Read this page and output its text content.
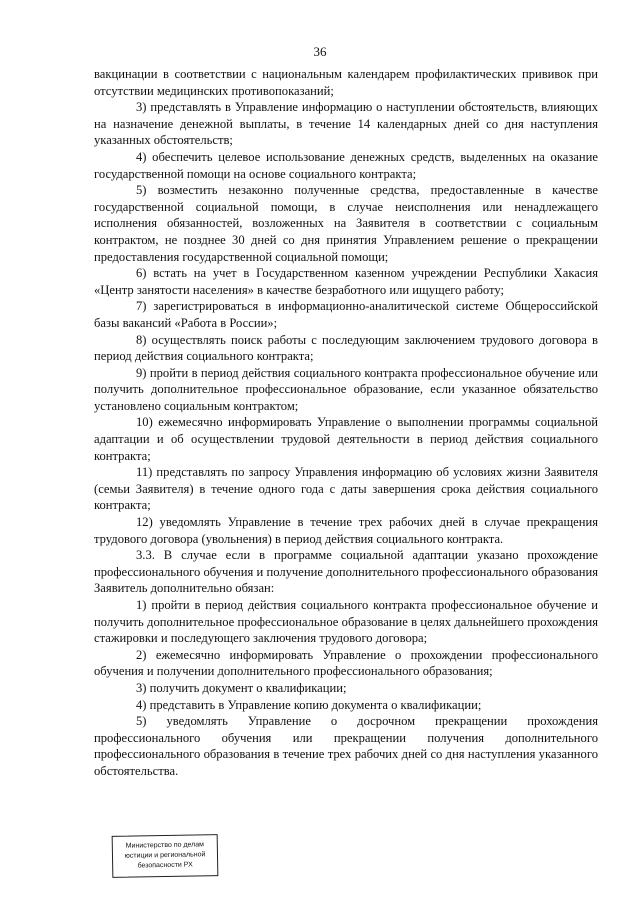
36

вакцинации в соответствии с национальным календарем профилактических прививок при отсутствии медицинских противопоказаний;

3) представлять в Управление информацию о наступлении обстоятельств, влияющих на назначение денежной выплаты, в течение 14 календарных дней со дня наступления указанных обстоятельств;

4) обеспечить целевое использование денежных средств, выделенных на оказание государственной помощи на основе социального контракта;

5) возместить незаконно полученные средства, предоставленные в качестве государственной социальной помощи, в случае неисполнения или ненадлежащего исполнения обязанностей, возложенных на Заявителя в соответствии с социальным контрактом, не позднее 30 дней со дня принятия Управлением решение о прекращении предоставления государственной социальной помощи;

6) встать на учет в Государственном казенном учреждении Республики Хакасия «Центр занятости населения» в качестве безработного или ищущего работу;

7) зарегистрироваться в информационно-аналитической системе Общероссийской базы вакансий «Работа в России»;

8) осуществлять поиск работы с последующим заключением трудового договора в период действия социального контракта;

9) пройти в период действия социального контракта профессиональное обучение или получить дополнительное профессиональное образование, если указанное обязательство установлено социальным контрактом;

10) ежемесячно информировать Управление о выполнении программы социальной адаптации и об осуществлении трудовой деятельности в период действия социального контракта;

11) представлять по запросу Управления информацию об условиях жизни Заявителя (семьи Заявителя) в течение одного года с даты завершения срока действия социального контракта;

12) уведомлять Управление в течение трех рабочих дней в случае прекращения трудового договора (увольнения) в период действия социального контракта.

3.3. В случае если в программе социальной адаптации указано прохождение профессионального обучения и получение дополнительного профессионального образования Заявитель дополнительно обязан:

1) пройти в период действия социального контракта профессиональное обучение и получить дополнительное профессиональное образование в целях дальнейшего прохождения стажировки и последующего заключения трудового договора;

2) ежемесячно информировать Управление о прохождении профессионального обучения и получении дополнительного профессионального образования;

3) получить документ о квалификации;

4) представить в Управление копию документа о квалификации;

5) уведомлять Управление о досрочном прекращении прохождения профессионального обучения или прекращении получения дополнительного профессионального образования в течение трех рабочих дней со дня наступления указанного обстоятельства.

Министерство по делам
юстиции и региональной
безопасности РХ
